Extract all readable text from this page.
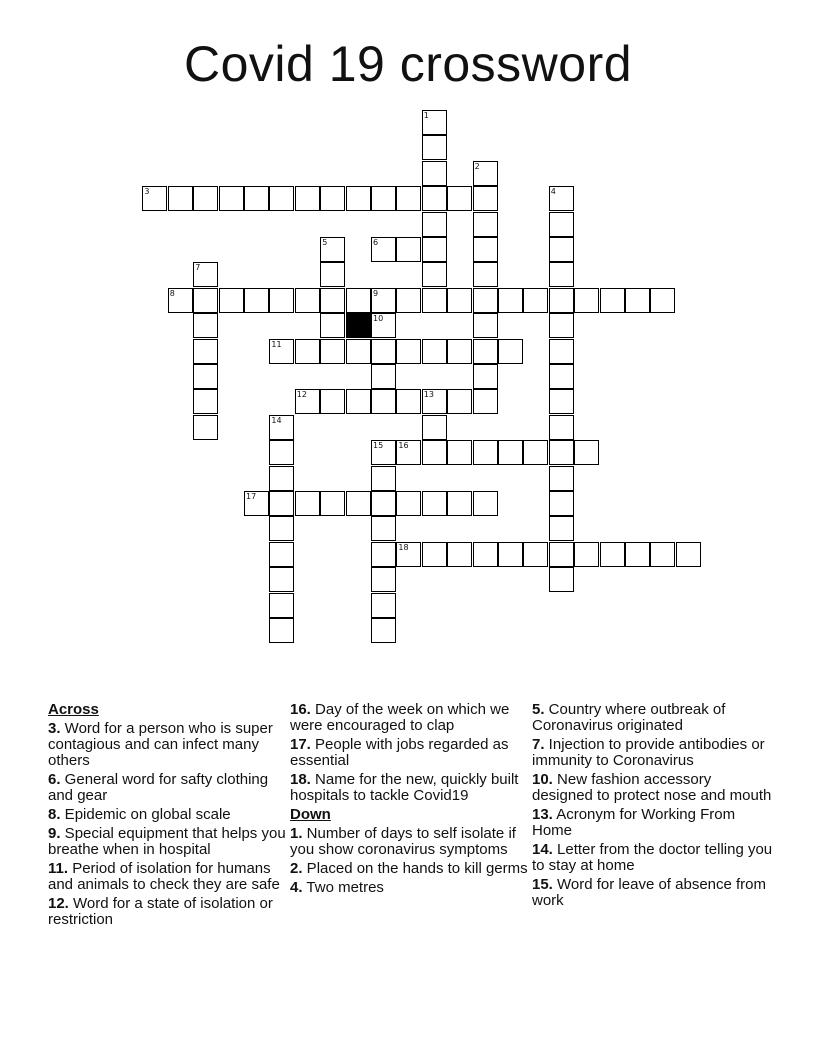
Covid 19 crossword
1
2
3	4
5	6
7
8	9
10
11
12	13
14
15 16
17
18

Across

3. Word for a person who is super contagious and can infect many others

6. General word for safty clothing and gear

8. Epidemic on global scale

9. Special equipment that helps you breathe when in hospital

11. Period of isolation for humans and animals to check they are safe

12. Word for a state of isolation or restriction

16. Day of the week on which we were encouraged to clap

17. People with jobs regarded as essential

18. Name for the new, quickly built hospitals to tackle Covid19

Down

1. Number of days to self isolate if you show coronavirus symptoms

2. Placed on the hands to kill germs

4. Two metres

5. Country where outbreak of Coronavirus originated

7. Injection to provide antibodies or immunity to Coronavirus

10. New fashion accessory designed to protect nose and mouth

13. Acronym for Working From Home

14. Letter from the doctor telling you to stay at home

15. Word for leave of absence from work
